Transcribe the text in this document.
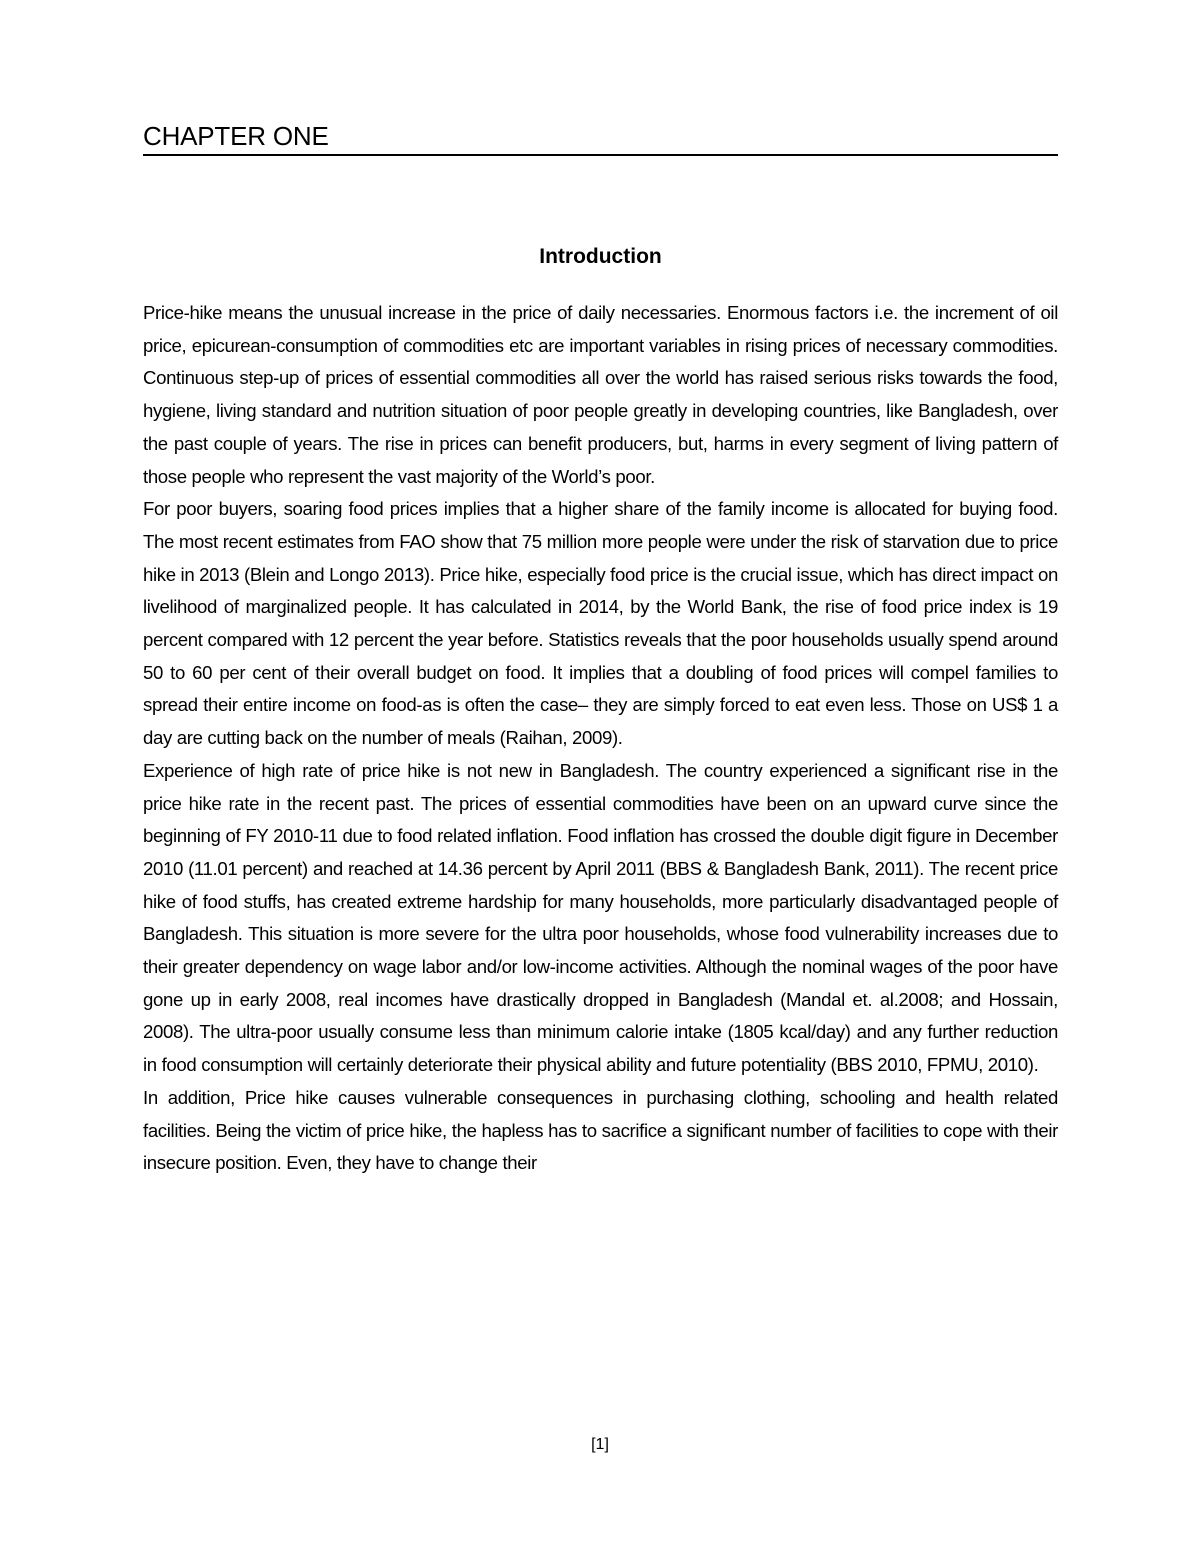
CHAPTER ONE
Introduction

Price-hike means the unusual increase in the price of daily necessaries. Enormous factors i.e. the increment of oil price, epicurean-consumption of commodities etc are important variables in rising prices of necessary commodities. Continuous step-up of prices of essential commodities all over the world has raised serious risks towards the food, hygiene, living standard and nutrition situation of poor people greatly in developing countries, like Bangladesh, over the past couple of years. The rise in prices can benefit producers, but, harms in every segment of living pattern of those people who represent the vast majority of the World’s poor.

For poor buyers, soaring food prices implies that a higher share of the family income is allocated for buying food. The most recent estimates from FAO show that 75 million more people were under the risk of starvation due to price hike in 2013 (Blein and Longo 2013). Price hike, especially food price is the crucial issue, which has direct impact on livelihood of marginalized people. It has calculated in 2014, by the World Bank, the rise of food price index is 19 percent compared with 12 percent the year before. Statistics reveals that the poor households usually spend around 50 to 60 per cent of their overall budget on food. It implies that a doubling of food prices will compel families to spread their entire income on food-as is often the case– they are simply forced to eat even less. Those on US$ 1 a day are cutting back on the number of meals (Raihan, 2009).

Experience of high rate of price hike is not new in Bangladesh. The country experienced a significant rise in the price hike rate in the recent past. The prices of essential commodities have been on an upward curve since the beginning of FY 2010-11 due to food related inflation. Food inflation has crossed the double digit figure in December 2010 (11.01 percent) and reached at 14.36 percent by April 2011 (BBS & Bangladesh Bank, 2011). The recent price hike of food stuffs, has created extreme hardship for many households, more particularly disadvantaged people of Bangladesh. This situation is more severe for the ultra poor households, whose food vulnerability increases due to their greater dependency on wage labor and/or low-income activities. Although the nominal wages of the poor have gone up in early 2008, real incomes have drastically dropped in Bangladesh (Mandal et. al.2008; and Hossain, 2008). The ultra-poor usually consume less than minimum calorie intake (1805 kcal/day) and any further reduction in food consumption will certainly deteriorate their physical ability and future potentiality (BBS 2010, FPMU, 2010).

In addition, Price hike causes vulnerable consequences in purchasing clothing, schooling and health related facilities. Being the victim of price hike, the hapless has to sacrifice a significant number of facilities to cope with their insecure position. Even, they have to change their

[1]
